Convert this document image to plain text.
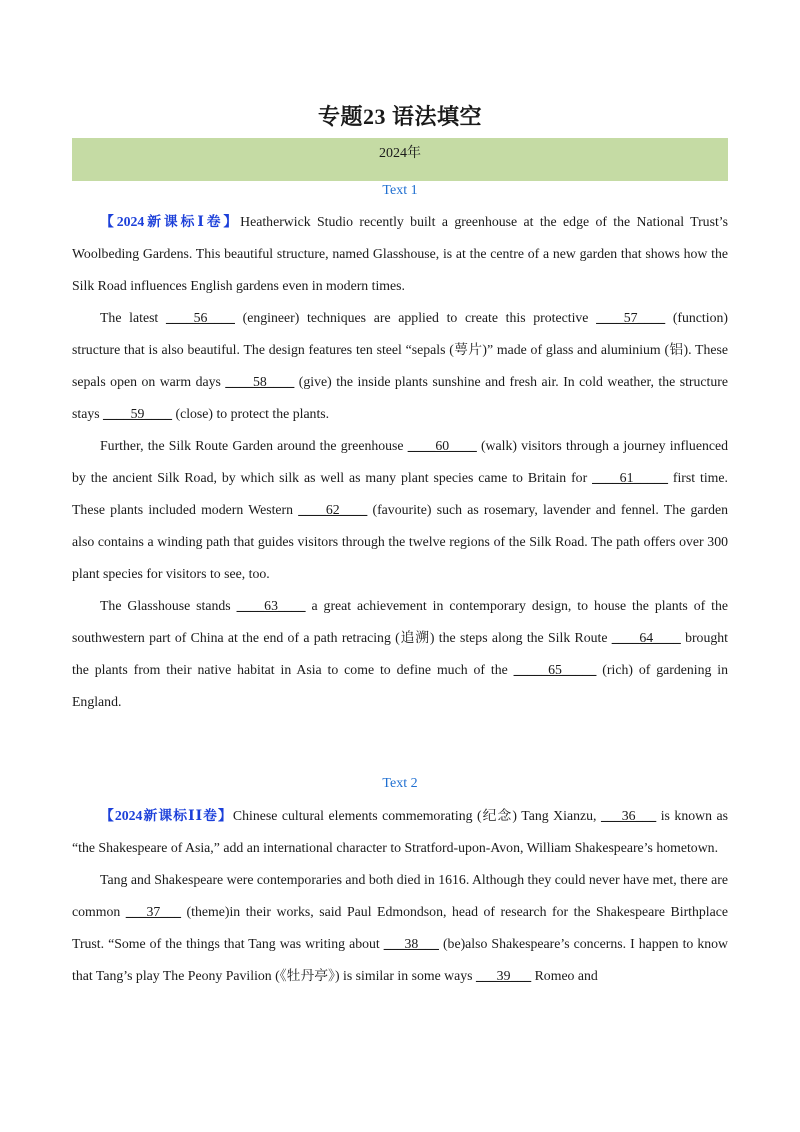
专题23 语法填空
2024年
Text 1

【2024新课标Ⅰ卷】Heatherwick Studio recently built a greenhouse at the edge of the National Trust’s Woolbeding Gardens. This beautiful structure, named Glasshouse, is at the centre of a new garden that shows how the Silk Road influences English gardens even in modern times.

The latest ____56____ (engineer) techniques are applied to create this protective ____57____ (function) structure that is also beautiful. The design features ten steel “sepals (萼片)” made of glass and aluminium (铝). These sepals open on warm days ____58____ (give) the inside plants sunshine and fresh air. In cold weather, the structure stays ____59____ (close) to protect the plants.

Further, the Silk Route Garden around the greenhouse ____60____ (walk) visitors through a journey influenced by the ancient Silk Road, by which silk as well as many plant species came to Britain for ____61_____ first time. These plants included modern Western ____62____ (favourite) such as rosemary, lavender and fennel. The garden also contains a winding path that guides visitors through the twelve regions of the Silk Road. The path offers over 300 plant species for visitors to see, too.

The Glasshouse stands ____63____ a great achievement in contemporary design, to house the plants of the southwestern part of China at the end of a path retracing (追溯) the steps along the Silk Route ____64____ brought the plants from their native habitat in Asia to come to define much of the _____65_____ (rich) of gardening in England.

Text 2

【2024新课标ⅠⅠ卷】Chinese cultural elements commemorating (纪念) Tang Xianzu, ___36___ is known as “the Shakespeare of Asia,” add an international character to Stratford-upon-Avon, William Shakespeare’s hometown.

Tang and Shakespeare were contemporaries and both died in 1616. Although they could never have met, there are common ___37___ (theme)in their works, said Paul Edmondson, head of research for the Shakespeare Birthplace Trust. “Some of the things that Tang was writing about ___38___ (be)also Shakespeare’s concerns. I happen to know that Tang’s play The Peony Pavilion (《牡丹亭》) is similar in some ways ___39___ Romeo and
